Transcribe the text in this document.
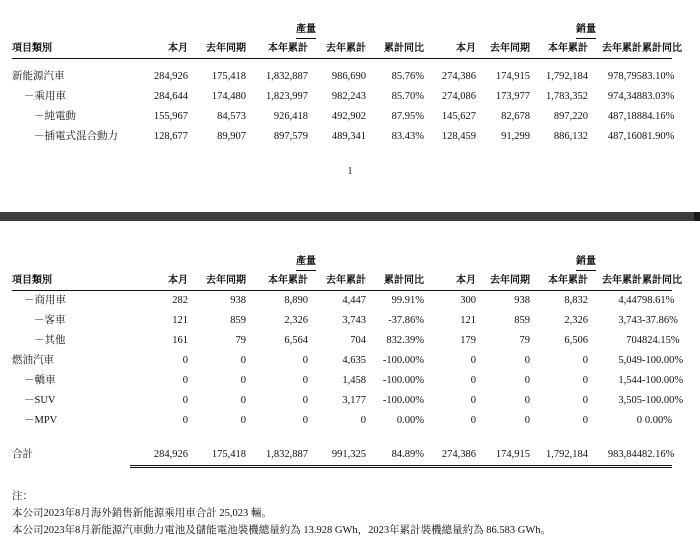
			產量					銷量		
項目類別	本月	去年同期	本年累計	去年累計	累計同比	本月	去年同期	本年累計	去年累計	累計同比

新能源汽車	284,926	175,418	1,832,887	986,690	85.76%	274,386	174,915	1,792,184	978,795	83.10%
－乘用車	284,644	174,480	1,823,997	982,243	85.70%	274,086	173,977	1,783,352	974,348	83.03%
－純電動	155,967	84,573	926,418	492,902	87.95%	145,627	82,678	897,220	487,188	84.16%
－插電式混合動力	128,677	89,907	897,579	489,341	83.43%	128,459	91,299	886,132	487,160	81.90%
1
			產量					銷量		
項目類別	本月	去年同期	本年累計	去年累計	累計同比	本月	去年同期	本年累計	去年累計	累計同比
－商用車	282	938	8,890	4,447	99.91%	300	938	8,832	4,447	98.61%
－客車	121	859	2,326	3,743	-37.86%	121	859	2,326	3,743	-37.86%
－其他	161	79	6,564	704	832.39%	179	79	6,506	704	824.15%
燃油汽車	0	0	0	4,635	-100.00%	0	0	0	5,049	-100.00%
－轎車	0	0	0	1,458	-100.00%	0	0	0	1,544	-100.00%
－SUV	0	0	0	3,177	-100.00%	0	0	0	3,505	-100.00%
－MPV	0	0	0	0	0.00%	0	0	0	0	0.00%

合計	284,926	175,418	1,832,887	991,325	84.89%	274,386	174,915	1,792,184	983,844	82.16%
注：
本公司2023年8月海外銷售新能源乘用車合計 25,023 輛。
本公司2023年8月新能源汽車動力電池及儲能電池裝機總量約為 13.928 GWh，2023年累計裝機總量約為 86.583 GWh。
